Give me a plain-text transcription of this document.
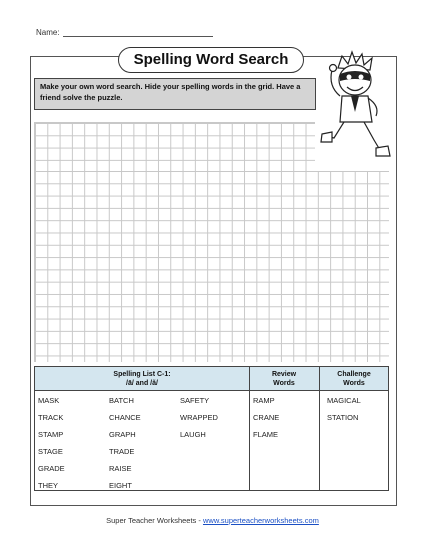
Name:
Spelling Word Search
Make your own word search. Hide your spelling words in the grid. Have a friend solve the puzzle.
Spelling List C-1:
/ā/ and /ă/
Review
Words
Challenge
Words
MASK
TRACK
STAMP
STAGE
GRADE
THEY
BATCH
CHANCE
GRAPH
TRADE
RAISE
EIGHT
SAFETY
WRAPPED
LAUGH
RAMP
CRANE
FLAME
MAGICAL
STATION
Super Teacher Worksheets - www.superteacherworksheets.com
